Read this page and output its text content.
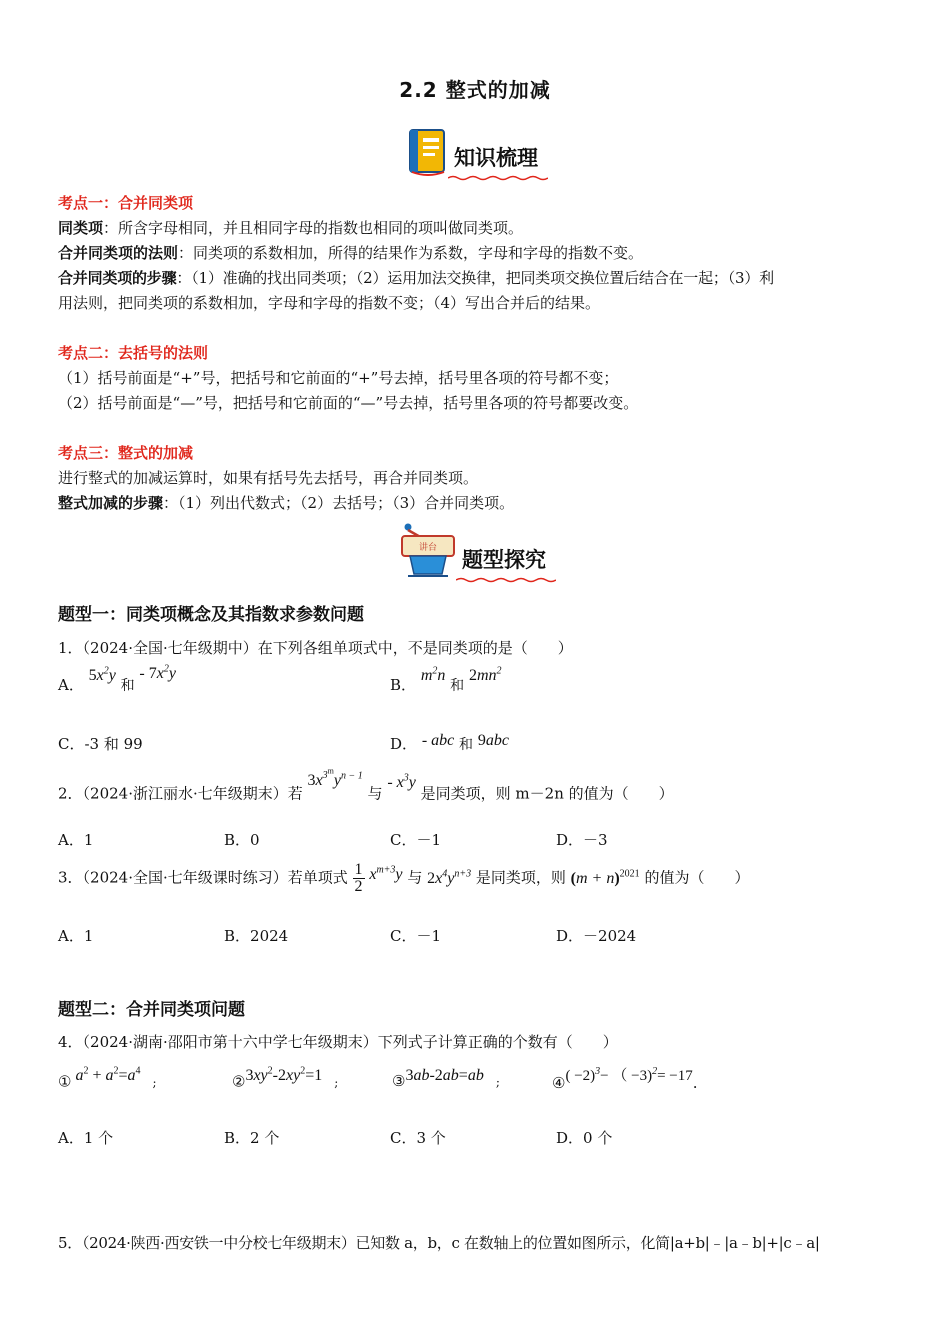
2.2 整式的加减
知识梳理
考点一：合并同类项
同类项：所含字母相同，并且相同字母的指数也相同的项叫做同类项。
合并同类项的法则：同类项的系数相加，所得的结果作为系数，字母和字母的指数不变。
合并同类项的步骤：（1）准确的找出同类项；（2）运用加法交换律，把同类项交换位置后结合在一起；（3）利
用法则，把同类项的系数相加，字母和字母的指数不变；（4）写出合并后的结果。
考点二：去括号的法则
（1）括号前面是“+”号，把括号和它前面的“+”号去掉，括号里各项的符号都不变；
（2）括号前面是“—”号，把括号和它前面的“—”号去掉，括号里各项的符号都要改变。
考点三：整式的加减
进行整式的加减运算时，如果有括号先去括号，再合并同类项。
整式加减的步骤：（1）列出代数式；（2）去括号；（3）合并同类项。
讲台 题型探究
题型一：同类项概念及其指数求参数问题
1．（2024·全国·七年级期中）在下列各组单项式中，不是同类项的是（　　）
A． $5x^2y$ 和 - $7x^2y$
B． $m^2n$ 和 $2mn^2$
C．-3 和 99	D． - abc 和 9abc
2．（2024·浙江丽水·七年级期末）若 $3x^{3^m}y^{n - 1}$ 与 - $x^3y$ 是同类项，则 m－2n 的值为（　　）
A．1	B．0	C．－1	D．－3
3．（2024·全国·七年级课时练习）若单项式 $\frac{1}{2} x^{m+3}y$ 与 $2x^4y^{n+3}$ 是同类项，则 $(m + n)^{2021}$ 的值为（　　）
A．1	B．2024	C．－1	D．－2024
题型二：合并同类项问题
4．（2024·湖南·邵阳市第十六中学七年级期末）下列式子计算正确的个数有（　　）
① $a^2 + a^2=a^4$　;	$②3xy^2-2xy^2=1$　;	③3ab-2ab=ab　;	④( −2)$^3$− （ −3)$^2$= −17.
A．1 个	B．2 个	C．3 个	D．0 个
5．（2024·陕西·西安铁一中分校七年级期末）已知数 a，b，c 在数轴上的位置如图所示，化简|a+b|﹣|a﹣b|+|c﹣a|
